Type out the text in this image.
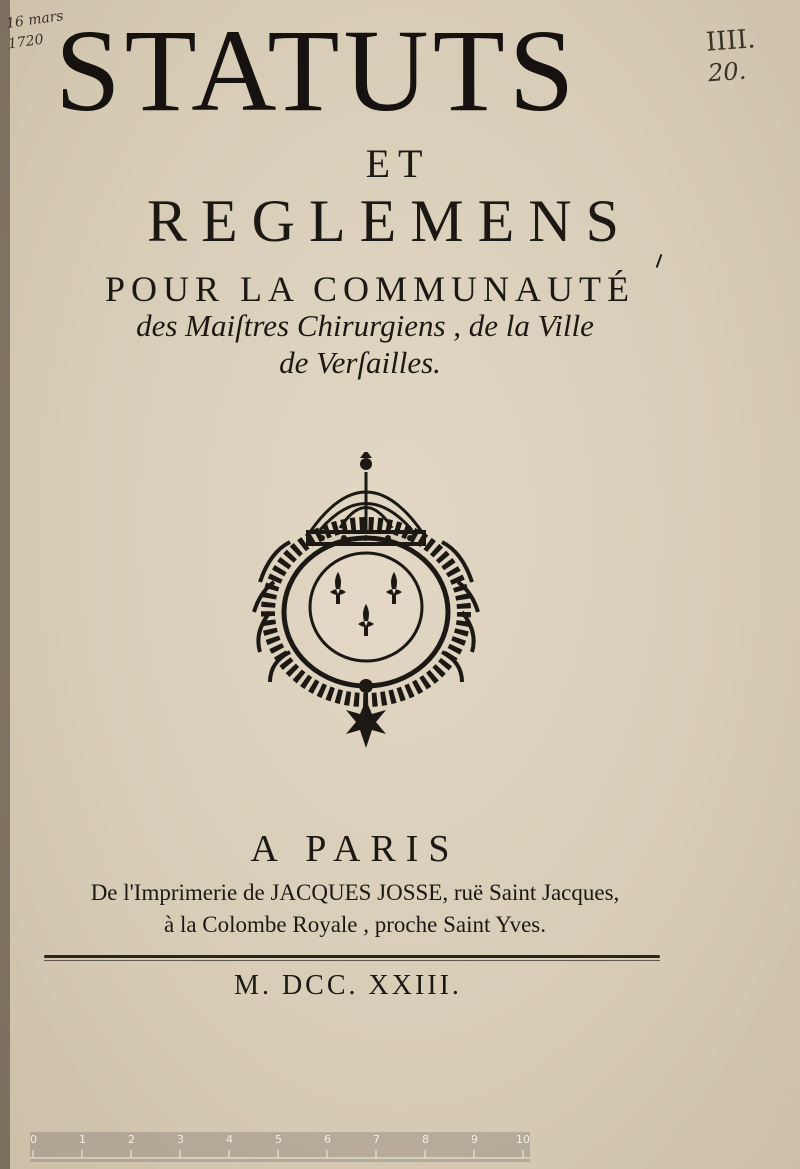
16 mars
1720	IIII.
20.
STATUTS
ET
REGLEMENS
POUR LA COMMUNAUTÉ
des Maiſtres Chirurgiens , de la Ville
de Verſailles.
A PARIS
De l'Imprimerie de JACQUES JOSSE, ruë Saint Jacques,
à la Colombe Royale , proche Saint Yves.
M. DCC. XXIII.
0	1	2	3	4	5	6	7	8	9	10
